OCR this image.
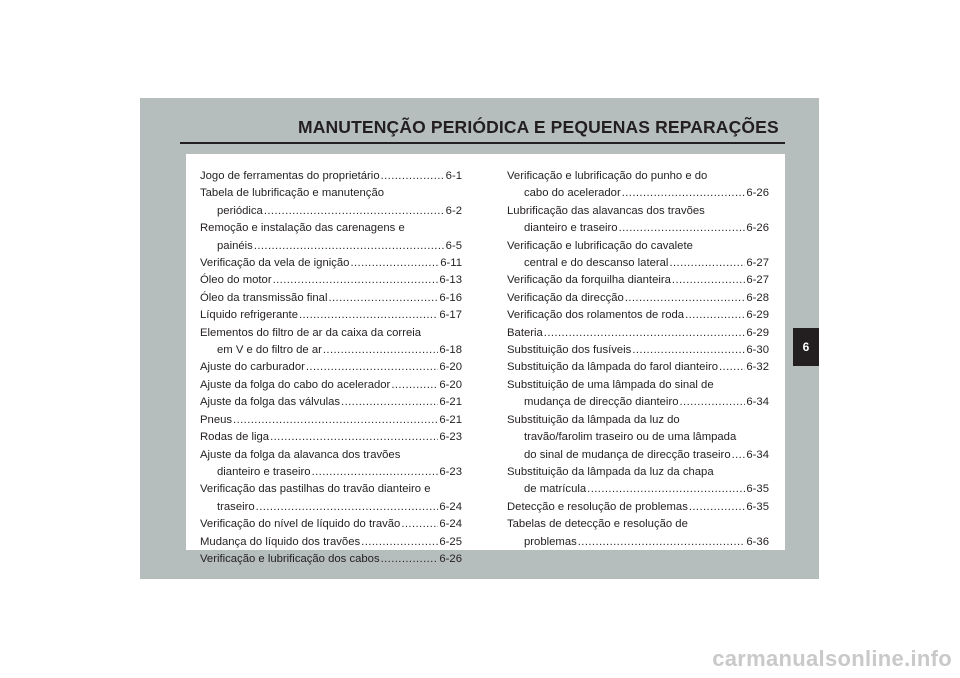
MANUTENÇÃO PERIÓDICA E PEQUENAS REPARAÇÕES
Jogo de ferramentas do proprietário .....	6-1
Tabela de lubrificação e manutenção
periódica .....	6-2
Remoção e instalação das carenagens e
painéis .....	6-5
Verificação da vela de ignição .....	6-11
Óleo do motor .....	6-13
Óleo da transmissão final .....	6-16
Líquido refrigerante .....	6-17
Elementos do filtro de ar da caixa da correia
em V e do filtro de ar .....	6-18
Ajuste do carburador .....	6-20
Ajuste da folga do cabo do acelerador .....	6-20
Ajuste da folga das válvulas .....	6-21
Pneus .....	6-21
Rodas de liga .....	6-23
Ajuste da folga da alavanca dos travões
dianteiro e traseiro .....	6-23
Verificação das pastilhas do travão dianteiro e
traseiro .....	6-24
Verificação do nível de líquido do travão .....	6-24
Mudança do líquido dos travões .....	6-25
Verificação e lubrificação dos cabos .....	6-26
Verificação e lubrificação do punho e do
cabo do acelerador .....	6-26
Lubrificação das alavancas dos travões
dianteiro e traseiro .....	6-26
Verificação e lubrificação do cavalete
central e do descanso lateral .....	6-27
Verificação da forquilha dianteira .....	6-27
Verificação da direcção .....	6-28
Verificação dos rolamentos de roda .....	6-29
Bateria .....	6-29
Substituição dos fusíveis .....	6-30
Substituição da lâmpada do farol dianteiro .....	6-32
Substituição de uma lâmpada do sinal de
mudança de direcção dianteiro .....	6-34
Substituição da lâmpada da luz do
travão/farolim traseiro ou de uma lâmpada
do sinal de mudança de direcção traseiro ..... 6-34
Substituição da lâmpada da luz da chapa
de matrícula .....	6-35
Detecção e resolução de problemas .....	6-35
Tabelas de detecção e resolução de
problemas .....	6-36
6
carmanualsonline.info
